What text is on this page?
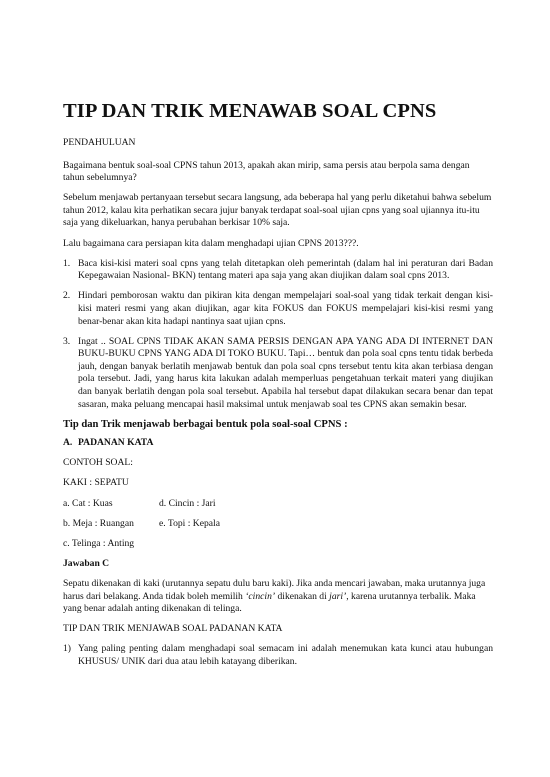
TIP DAN TRIK MENAWAB SOAL CPNS

PENDAHULUAN

Bagaimana bentuk soal-soal CPNS tahun 2013, apakah akan mirip, sama persis atau berpola sama dengan tahun sebelumnya?

Sebelum menjawab pertanyaan tersebut secara langsung, ada beberapa hal yang perlu diketahui bahwa sebelum tahun 2012, kalau kita perhatikan secara jujur banyak terdapat soal-soal ujian cpns yang soal ujiannya itu-itu saja yang dikeluarkan, hanya perubahan berkisar 10% saja.

Lalu bagaimana cara persiapan kita dalam menghadapi ujian CPNS 2013???.

1. Baca kisi-kisi materi soal cpns yang telah ditetapkan oleh pemerintah (dalam hal ini peraturan dari Badan Kepegawaian Nasional- BKN) tentang materi apa saja yang akan diujikan dalam soal cpns 2013.
2. Hindari pemborosan waktu dan pikiran kita dengan mempelajari soal-soal yang tidak terkait dengan kisi-kisi materi resmi yang akan diujikan, agar kita FOKUS dan FOKUS mempelajari kisi-kisi resmi yang benar-benar akan kita hadapi nantinya saat ujian cpns.
3. Ingat .. SOAL CPNS TIDAK AKAN SAMA PERSIS DENGAN APA YANG ADA DI INTERNET DAN BUKU-BUKU CPNS YANG ADA DI TOKO BUKU. Tapi… bentuk dan pola soal cpns tentu tidak berbeda jauh, dengan banyak berlatih menjawab bentuk dan pola soal cpns tersebut tentu kita akan terbiasa dengan pola tersebut. Jadi, yang harus kita lakukan adalah memperluas pengetahuan terkait materi yang diujikan dan banyak berlatih dengan pola soal tersebut. Apabila hal tersebut dapat dilakukan secara benar dan tepat sasaran, maka peluang mencapai hasil maksimal untuk menjawab soal tes CPNS akan semakin besar.

Tip dan Trik menjawab berbagai bentuk pola soal-soal CPNS :

A. PADANAN KATA

CONTOH SOAL:

KAKI : SEPATU

a. Cat : Kuas	d. Cincin : Jari
b. Meja : Ruangan	e. Topi : Kepala
c. Telinga : Anting

Jawaban C

Sepatu dikenakan di kaki (urutannya sepatu dulu baru kaki). Jika anda mencari jawaban, maka urutannya juga harus dari belakang. Anda tidak boleh memilih ‘cincin’ dikenakan di jari’, karena urutannya terbalik. Maka yang benar adalah anting dikenakan di telinga.

TIP DAN TRIK MENJAWAB SOAL PADANAN KATA

1) Yang paling penting dalam menghadapi soal semacam ini adalah menemukan kata kunci atau hubungan KHUSUS/ UNIK dari dua atau lebih katayang diberikan.
